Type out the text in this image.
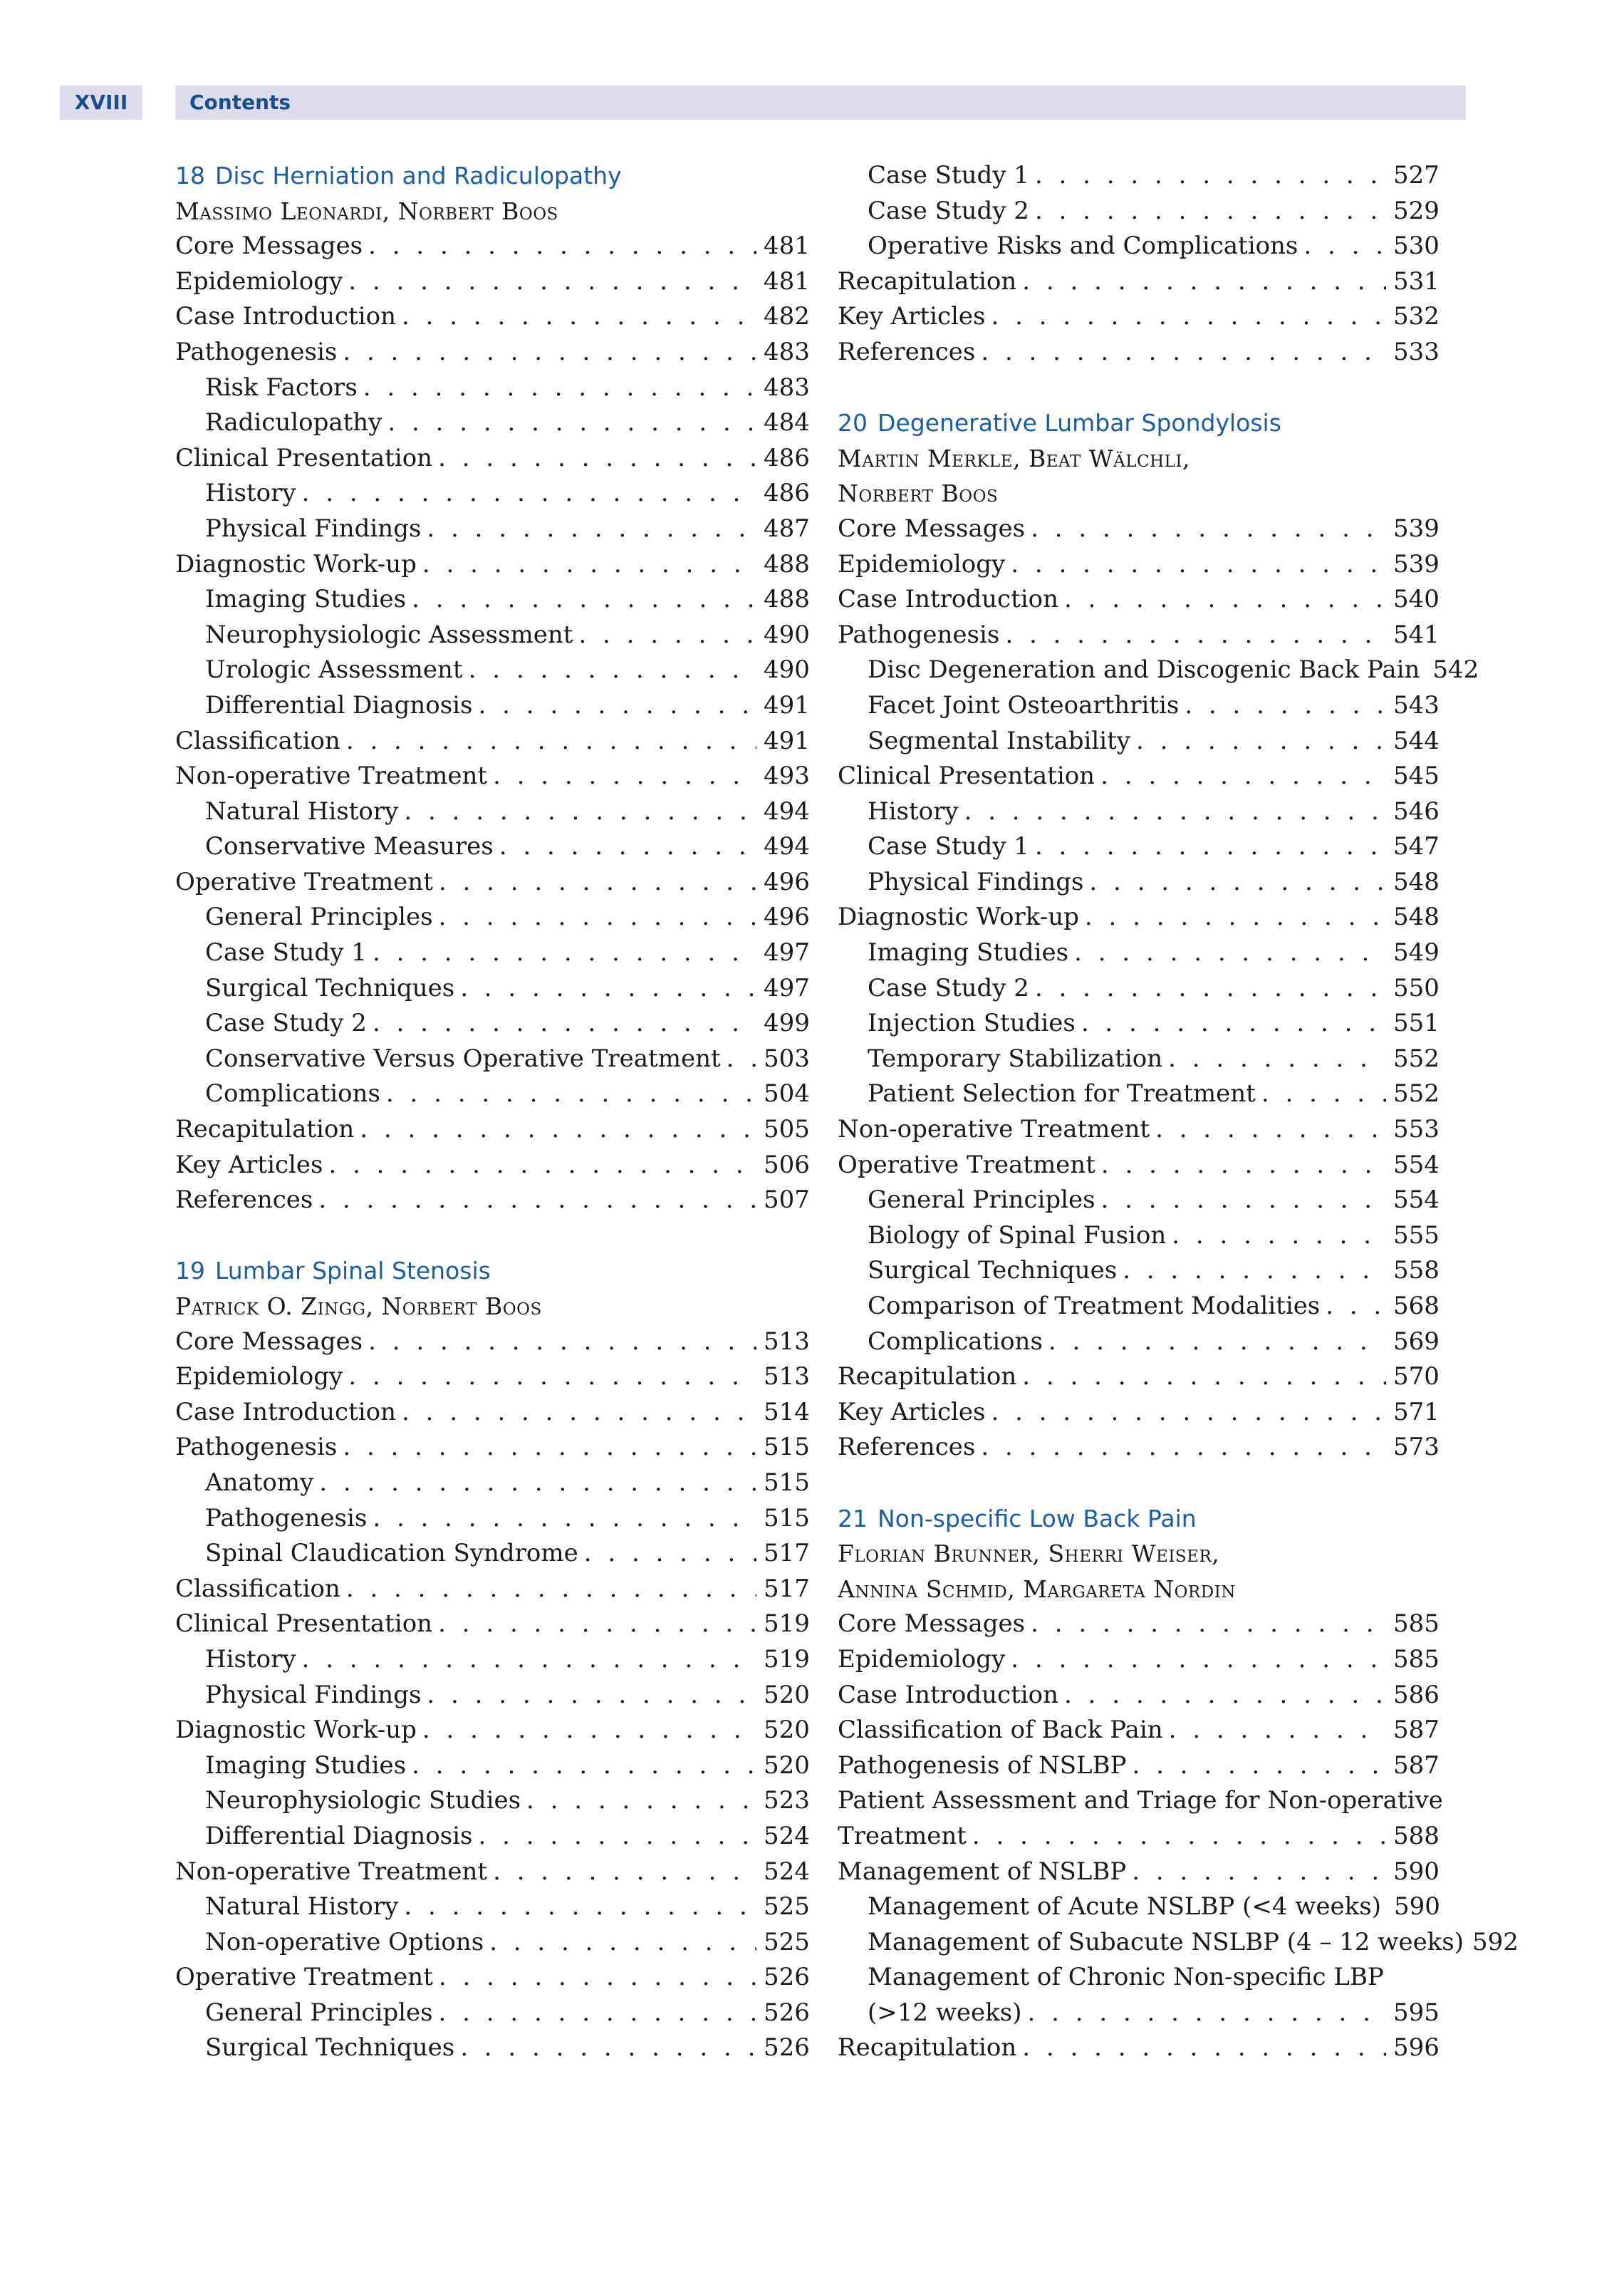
XVIII	Contents
18 Disc Herniation and Radiculopathy
Massimo Leonardi, Norbert Boos
Core Messages . . .	481
Epidemiology . . .	481
Case Introduction . . .	482
Pathogenesis . . .	483
Risk Factors . . .	483
Radiculopathy . . .	484
Clinical Presentation . . .	486
History . . .	486
Physical Findings . . .	487
Diagnostic Work-up . . .	488
Imaging Studies . . .	488
Neurophysiologic Assessment . . .	490
Urologic Assessment . . .	490
Differential Diagnosis . . .	491
Classification . . .	491
Non-operative Treatment . . .	493
Natural History . . .	494
Conservative Measures . . .	494
Operative Treatment . . .	496
General Principles . . .	496
Case Study 1 . . .	497
Surgical Techniques . . .	497
Case Study 2 . . .	499
Conservative Versus Operative Treatment . . . 503
Complications . . .	504
Recapitulation . . .	505
Key Articles . . .	506
References . . .	507
19 Lumbar Spinal Stenosis
Patrick O. Zingg, Norbert Boos
Core Messages . . .	513
Epidemiology . . .	513
Case Introduction . . .	514
Pathogenesis . . .	515
Anatomy . . .	515
Pathogenesis . . .	515
Spinal Claudication Syndrome . . .	517
Classification . . .	517
Clinical Presentation . . .	519
History . . .	519
Physical Findings . . .	520
Diagnostic Work-up . . .	520
Imaging Studies . . .	520
Neurophysiologic Studies . . .	523
Differential Diagnosis . . .	524
Non-operative Treatment . . .	524
Natural History . . .	525
Non-operative Options . . .	525
Operative Treatment . . .	526
General Principles . . .	526
Surgical Techniques . . .	526
Case Study 1 . . .	527
Case Study 2 . . .	529
Operative Risks and Complications . . .	530
Recapitulation . . .	531
Key Articles . . .	532
References . . .	533
20 Degenerative Lumbar Spondylosis
Martin Merkle, Beat Wälchli,
Norbert Boos
Core Messages . . .	539
Epidemiology . . .	539
Case Introduction . . .	540
Pathogenesis . . .	541
Disc Degeneration and Discogenic Back Pain 542
Facet Joint Osteoarthritis . . .	543
Segmental Instability . . .	544
Clinical Presentation . . .	545
History . . .	546
Case Study 1 . . .	547
Physical Findings . . .	548
Diagnostic Work-up . . .	548
Imaging Studies . . .	549
Case Study 2 . . .	550
Injection Studies . . .	551
Temporary Stabilization . . .	552
Patient Selection for Treatment . . .	552
Non-operative Treatment . . .	553
Operative Treatment . . .	554
General Principles . . .	554
Biology of Spinal Fusion . . .	555
Surgical Techniques . . .	558
Comparison of Treatment Modalities . . .	568
Complications . . .	569
Recapitulation . . .	570
Key Articles . . .	571
References . . .	573
21 Non-specific Low Back Pain
Florian Brunner, Sherri Weiser,
Annina Schmid, Margareta Nordin
Core Messages . . .	585
Epidemiology . . .	585
Case Introduction . . .	586
Classification of Back Pain . . .	587
Pathogenesis of NSLBP . . .	587
Patient Assessment and Triage for Non-operative
Treatment . . .	588
Management of NSLBP . . .	590
Management of Acute NSLBP (<4 weeks) 590
Management of Subacute NSLBP (4 – 12 weeks) 592
Management of Chronic Non-specific LBP
(>12 weeks) . . .	595
Recapitulation . . .	596
